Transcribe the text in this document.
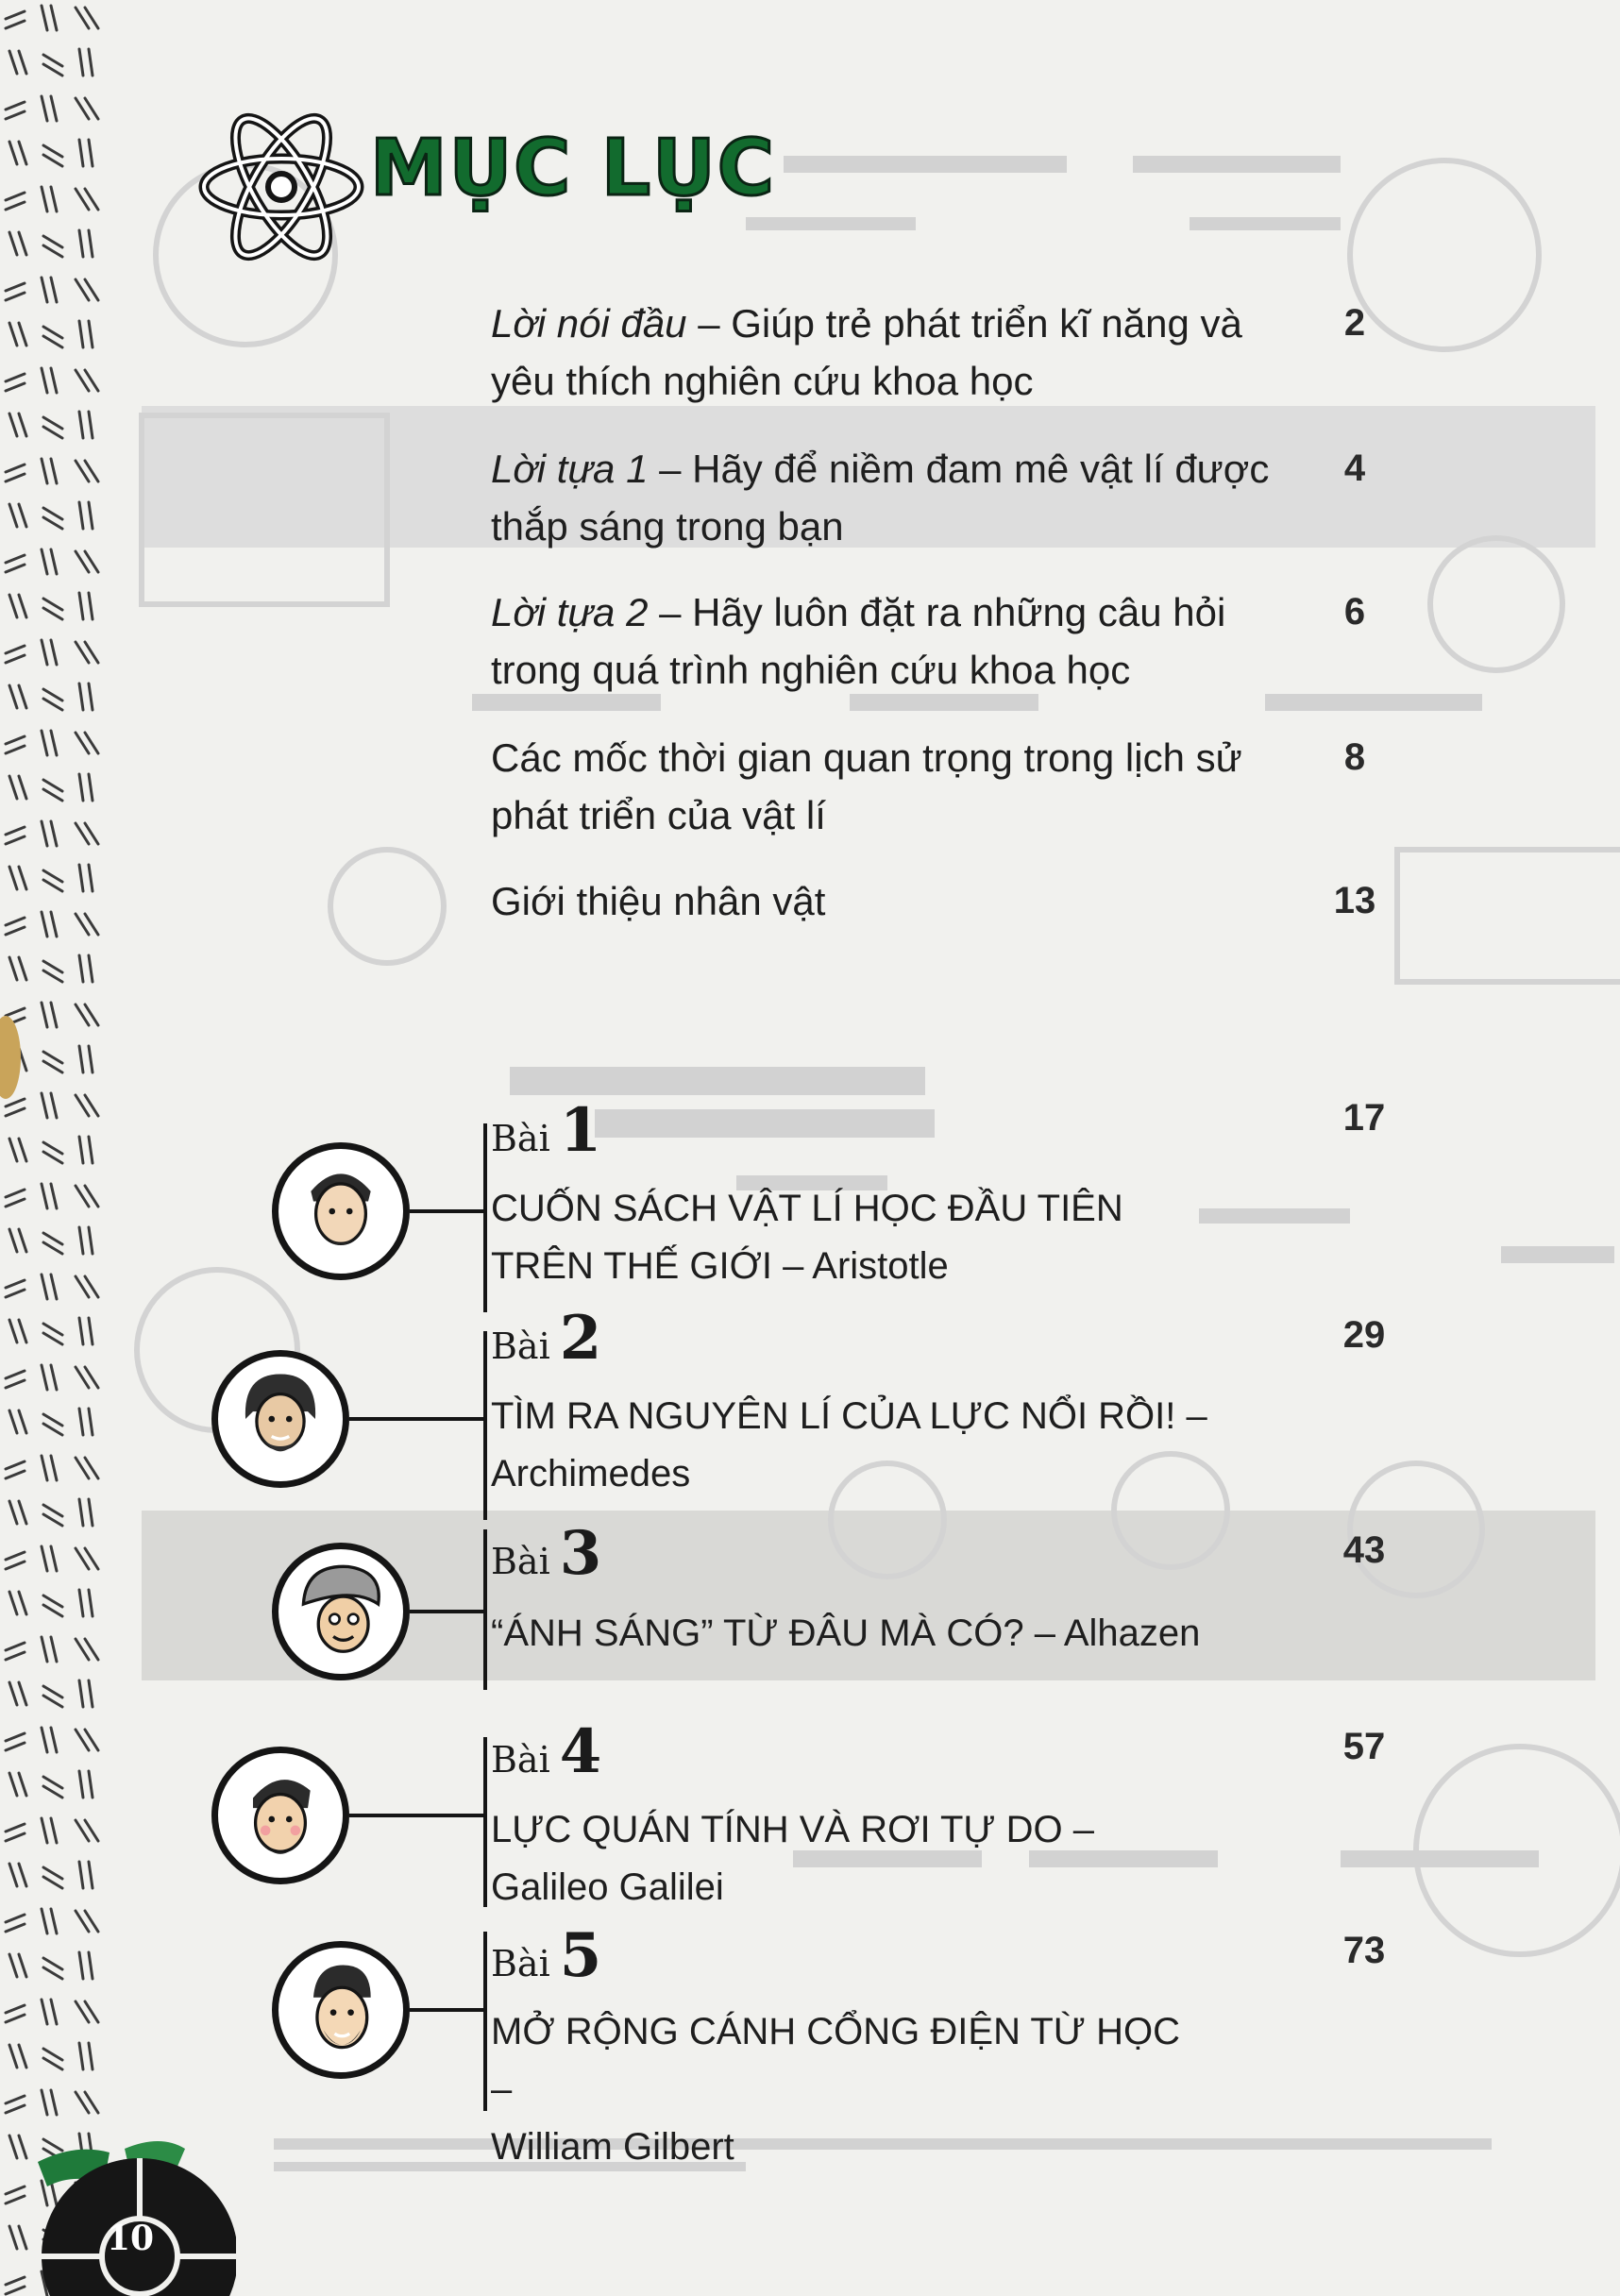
MỤC LỤC

Lời nói đầu – Giúp trẻ phát triển kĩ năng và yêu thích nghiên cứu khoa học

2

Lời tựa 1 – Hãy để niềm đam mê vật lí được thắp sáng trong bạn

4

Lời tựa 2 – Hãy luôn đặt ra những câu hỏi trong quá trình nghiên cứu khoa học

6

Các mốc thời gian quan trọng trong lịch sử phát triển của vật lí

8

Giới thiệu nhân vật	13
Bài 1

CUỐN SÁCH VẬT LÍ HỌC ĐẦU TIÊN
TRÊN THẾ GIỚI – Aristotle

17
Bài 2

TÌM RA NGUYÊN LÍ CỦA LỰC NỔI RỒI! –
Archimedes

29
Bài 3

“ÁNH SÁNG” TỪ ĐÂU MÀ CÓ? – Alhazen

43
Bài 4

LỰC QUÁN TÍNH VÀ RƠI TỰ DO –
Galileo Galilei

57
Bài 5

MỞ RỘNG CÁNH CỔNG ĐIỆN TỪ HỌC –
William Gilbert

73
10
